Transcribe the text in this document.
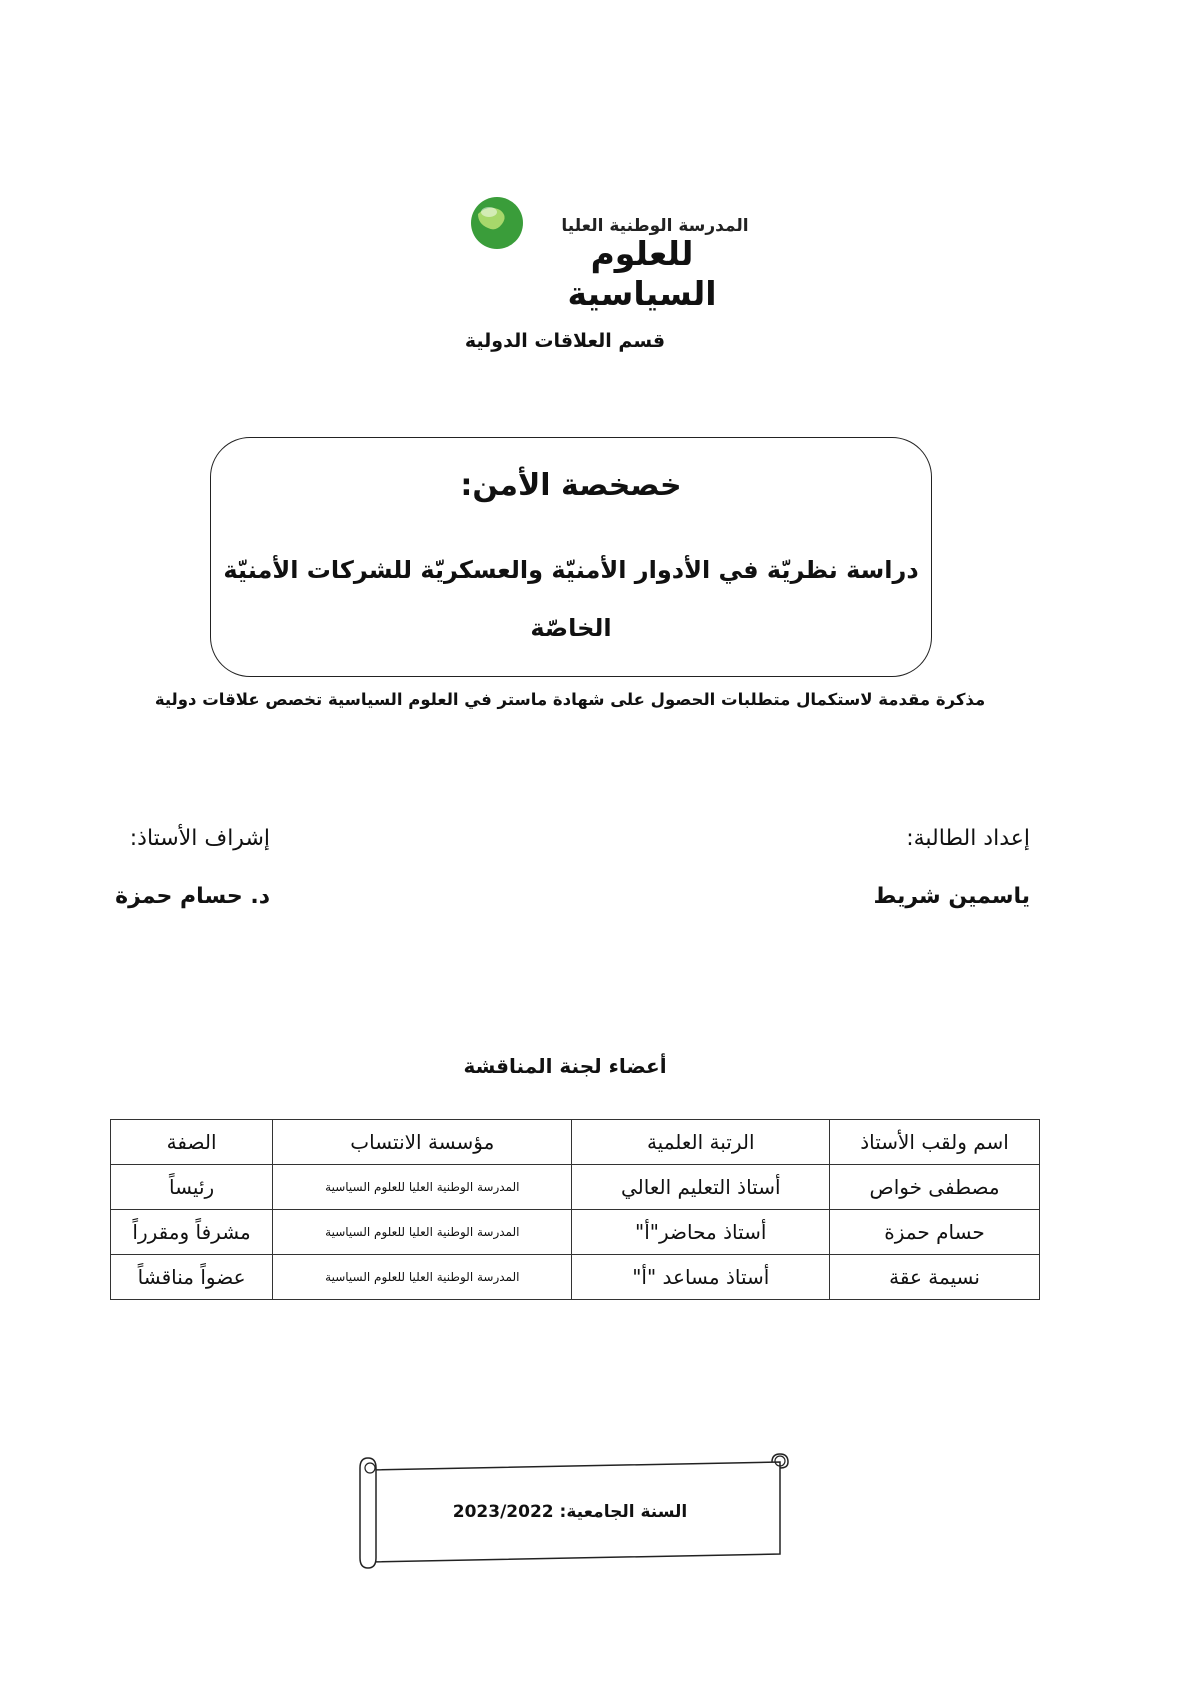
المدرسة الوطنية العليا
للعلوم السياسية
قسم العلاقات الدولية
خصخصة الأمن:
دراسة نظريّة في الأدوار الأمنيّة والعسكريّة للشركات الأمنيّة
الخاصّة
مذكرة مقدمة لاستكمال متطلبات الحصول على شهادة ماستر في العلوم السياسية تخصص علاقات دولية
إعداد الطالبة:
ياسمين شريط
إشراف الأستاذ:
د. حسام حمزة
أعضاء لجنة المناقشة
اسم ولقب الأستاذ	الرتبة العلمية	مؤسسة الانتساب	الصفة
مصطفى خواص	أستاذ التعليم العالي	المدرسة الوطنية العليا للعلوم السياسية	رئيساً
حسام حمزة	أستاذ محاضر"أ"	المدرسة الوطنية العليا للعلوم السياسية	مشرفاً ومقرراً
نسيمة عقة	أستاذ مساعد "أ"	المدرسة الوطنية العليا للعلوم السياسية	عضواً مناقشاً
السنة الجامعية: 2023/2022
